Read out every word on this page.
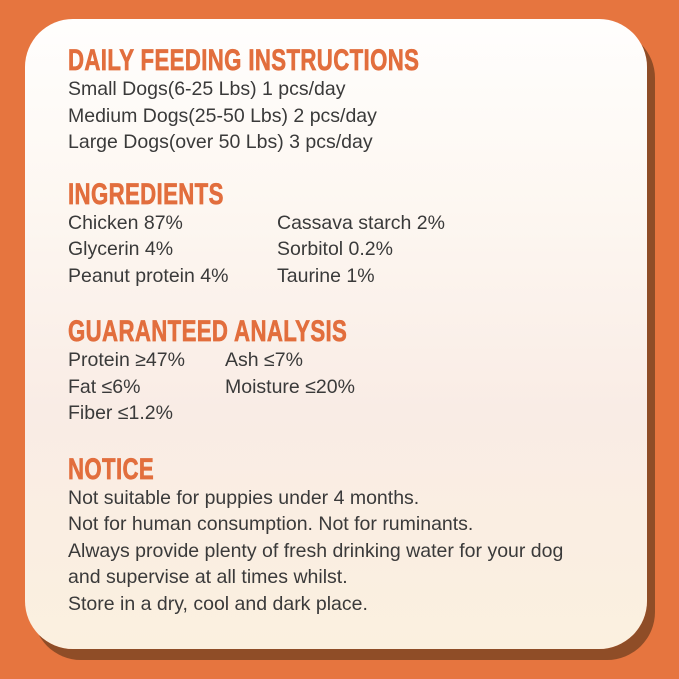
DAILY FEEDING INSTRUCTIONS
Small Dogs(6-25 Lbs) 1 pcs/day
Medium Dogs(25-50 Lbs) 2 pcs/day
Large Dogs(over 50 Lbs) 3 pcs/day
INGREDIENTS
Chicken 87%
Glycerin 4%
Peanut protein 4%
Cassava starch 2%
Sorbitol 0.2%
Taurine 1%
GUARANTEED ANALYSIS
Protein ≥47%
Fat ≤6%
Fiber ≤1.2%
Ash ≤7%
Moisture ≤20%
NOTICE
Not suitable for puppies under 4 months.
Not for human consumption. Not for ruminants.
Always provide plenty of fresh drinking water for your dog
and supervise at all times whilst.
Store in a dry, cool and dark place.
